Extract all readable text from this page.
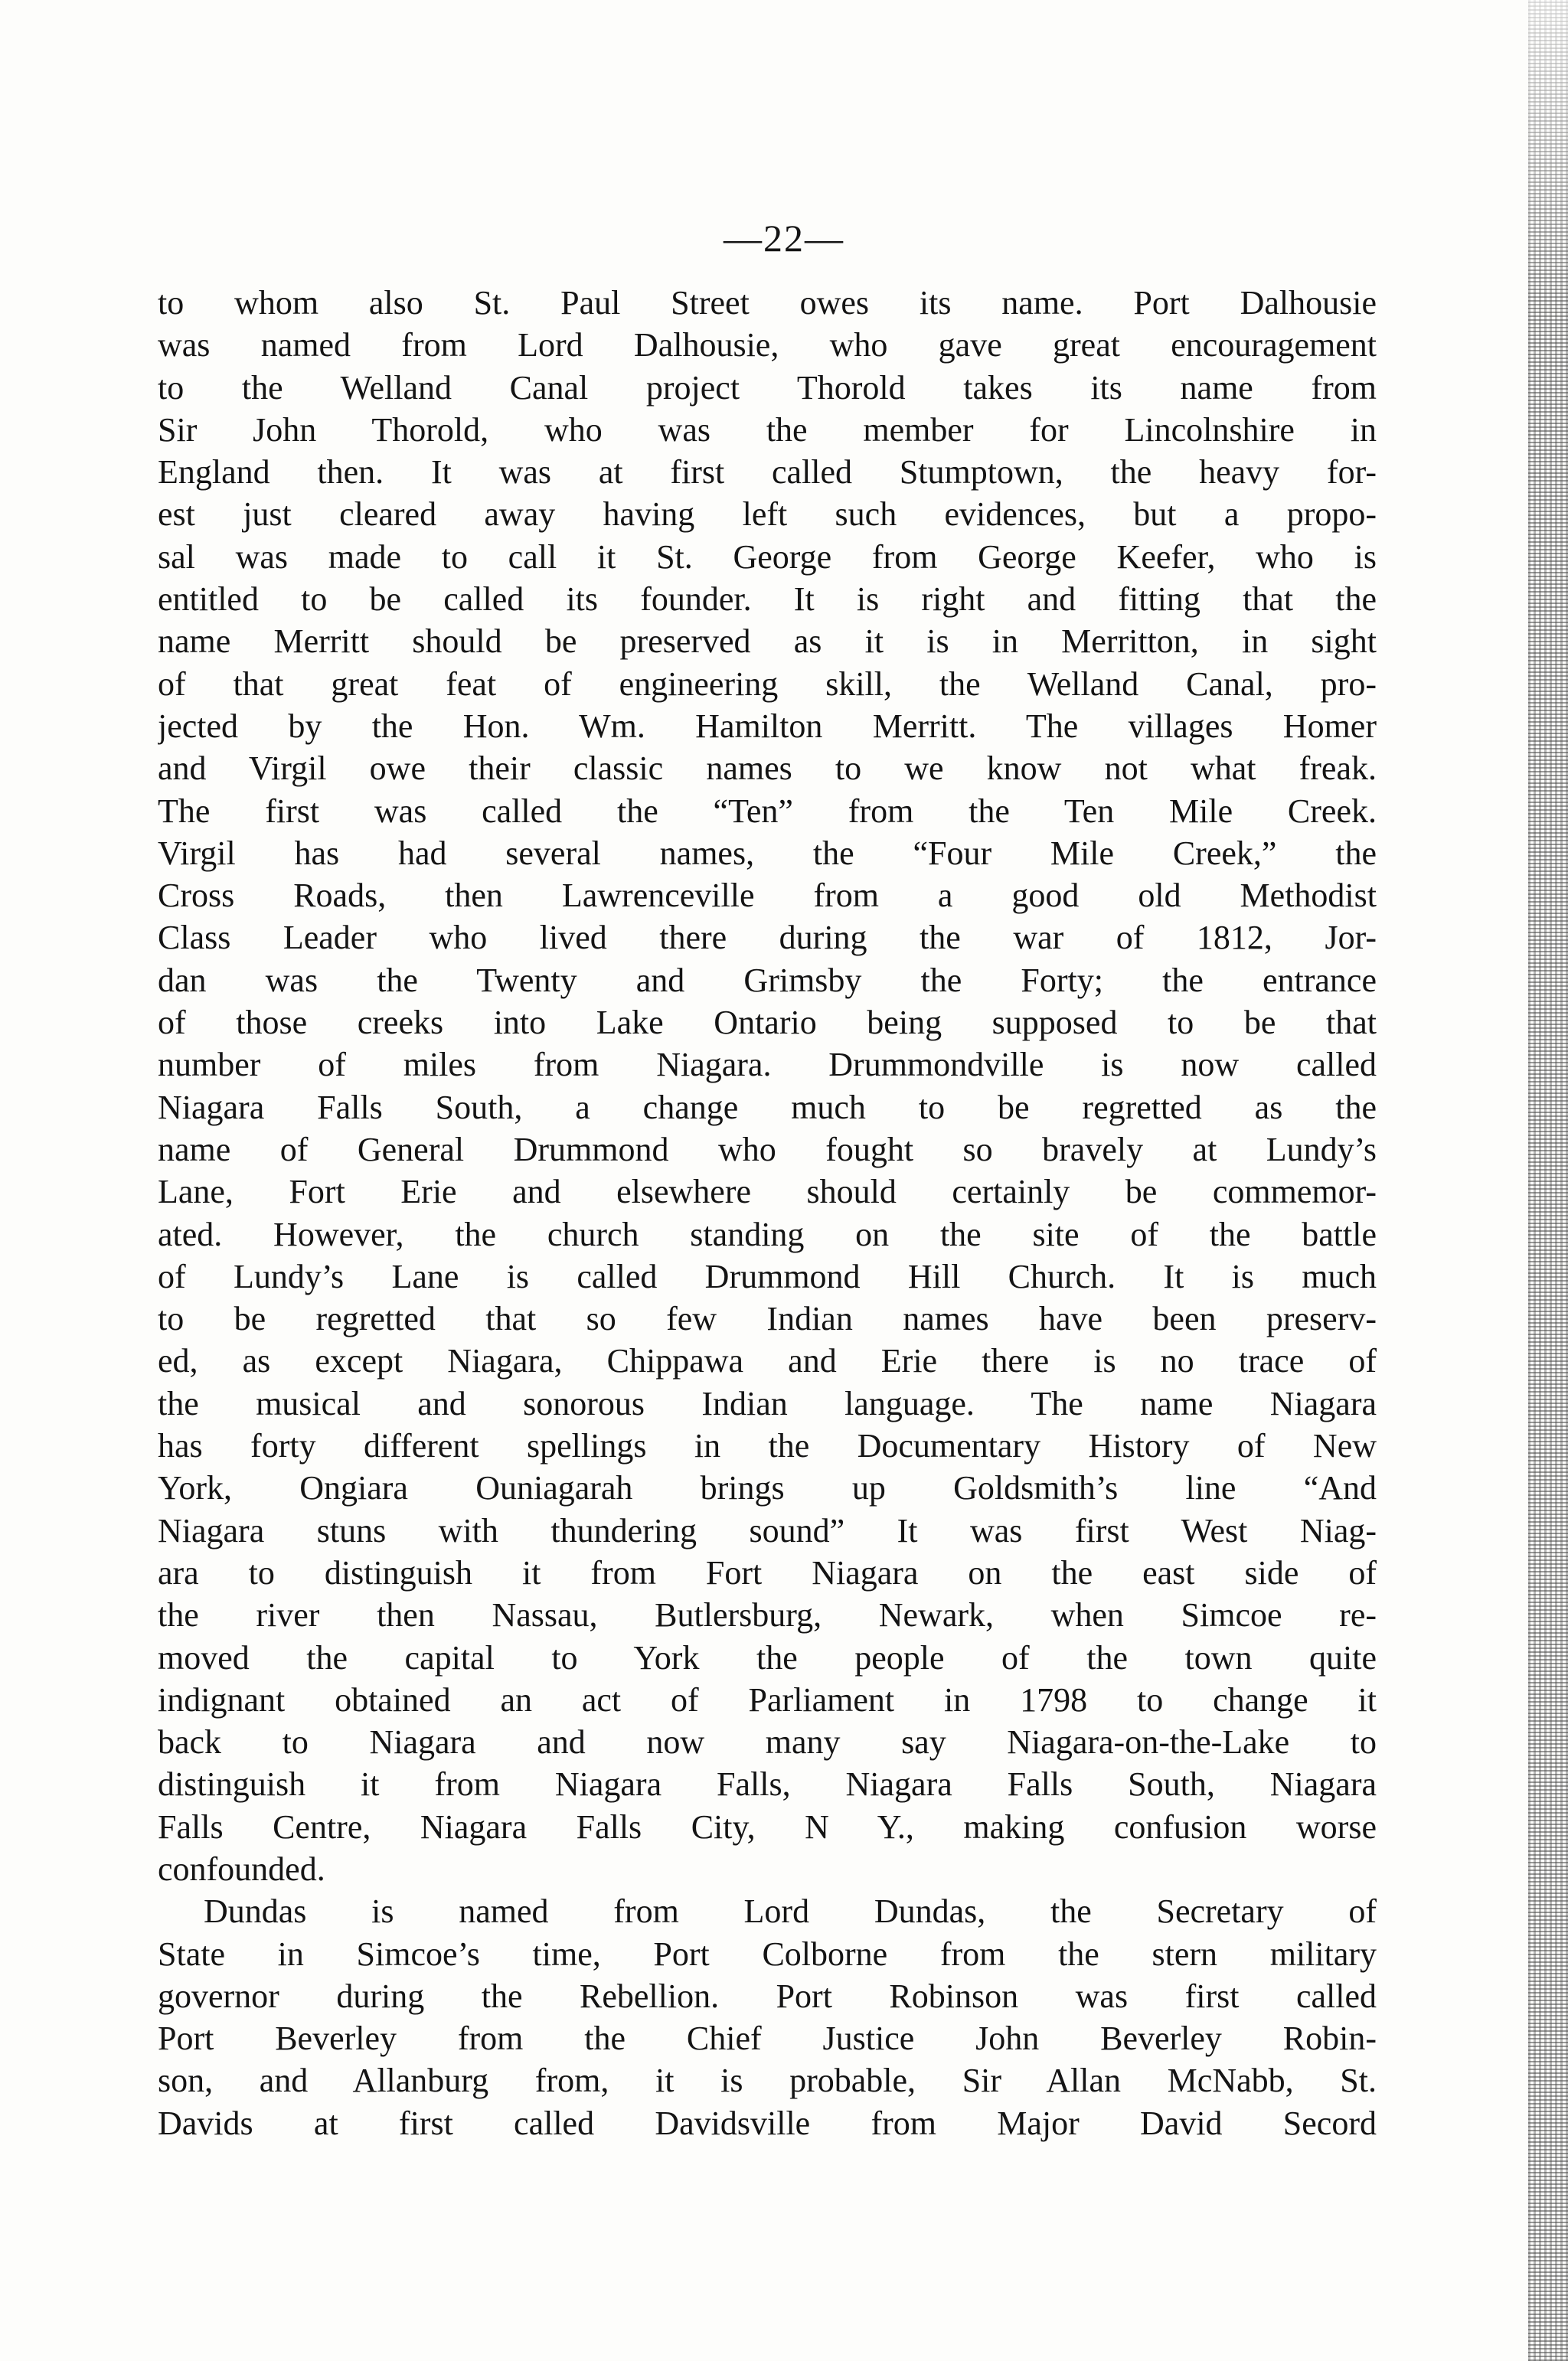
—22—
to whom also St. Paul Street owes its name. Port Dalhousie
was named from Lord Dalhousie, who gave great encouragement
to the Welland Canal project Thorold takes its name from
Sir John Thorold, who was the member for Lincolnshire in
England then. It was at first called Stumptown, the heavy for-
est just cleared away having left such evidences, but a propo-
sal was made to call it St. George from George Keefer, who is
entitled to be called its founder. It is right and fitting that the
name Merritt should be preserved as it is in Merritton, in sight
of that great feat of engineering skill, the Welland Canal, pro-
jected by the Hon. Wm. Hamilton Merritt. The villages Homer
and Virgil owe their classic names to we know not what freak.
The first was called the “Ten” from the Ten Mile Creek.
Virgil has had several names, the “Four Mile Creek,” the
Cross Roads, then Lawrenceville from a good old Methodist
Class Leader who lived there during the war of 1812, Jor-
dan was the Twenty and Grimsby the Forty; the entrance
of those creeks into Lake Ontario being supposed to be that
number of miles from Niagara. Drummondville is now called
Niagara Falls South, a change much to be regretted as the
name of General Drummond who fought so bravely at Lundy’s
Lane, Fort Erie and elsewhere should certainly be commemor-
ated. However, the church standing on the site of the battle
of Lundy’s Lane is called Drummond Hill Church. It is much
to be regretted that so few Indian names have been preserv-
ed, as except Niagara, Chippawa and Erie there is no trace of
the musical and sonorous Indian language. The name Niagara
has forty different spellings in the Documentary History of New
York, Ongiara Ouniagarah brings up Goldsmith’s line “And
Niagara stuns with thundering sound” It was first West Niag-
ara to distinguish it from Fort Niagara on the east side of
the river then Nassau, Butlersburg, Newark, when Simcoe re-
moved the capital to York the people of the town quite
indignant obtained an act of Parliament in 1798 to change it
back to Niagara and now many say Niagara-on-the-Lake to
distinguish it from Niagara Falls, Niagara Falls South, Niagara
Falls Centre, Niagara Falls City, N Y., making confusion worse
confounded.
Dundas is named from Lord Dundas, the Secretary of
State in Simcoe’s time, Port Colborne from the stern military
governor during the Rebellion. Port Robinson was first called
Port Beverley from the Chief Justice John Beverley Robin-
son, and Allanburg from, it is probable, Sir Allan McNabb, St.
Davids at first called Davidsville from Major David Secord
